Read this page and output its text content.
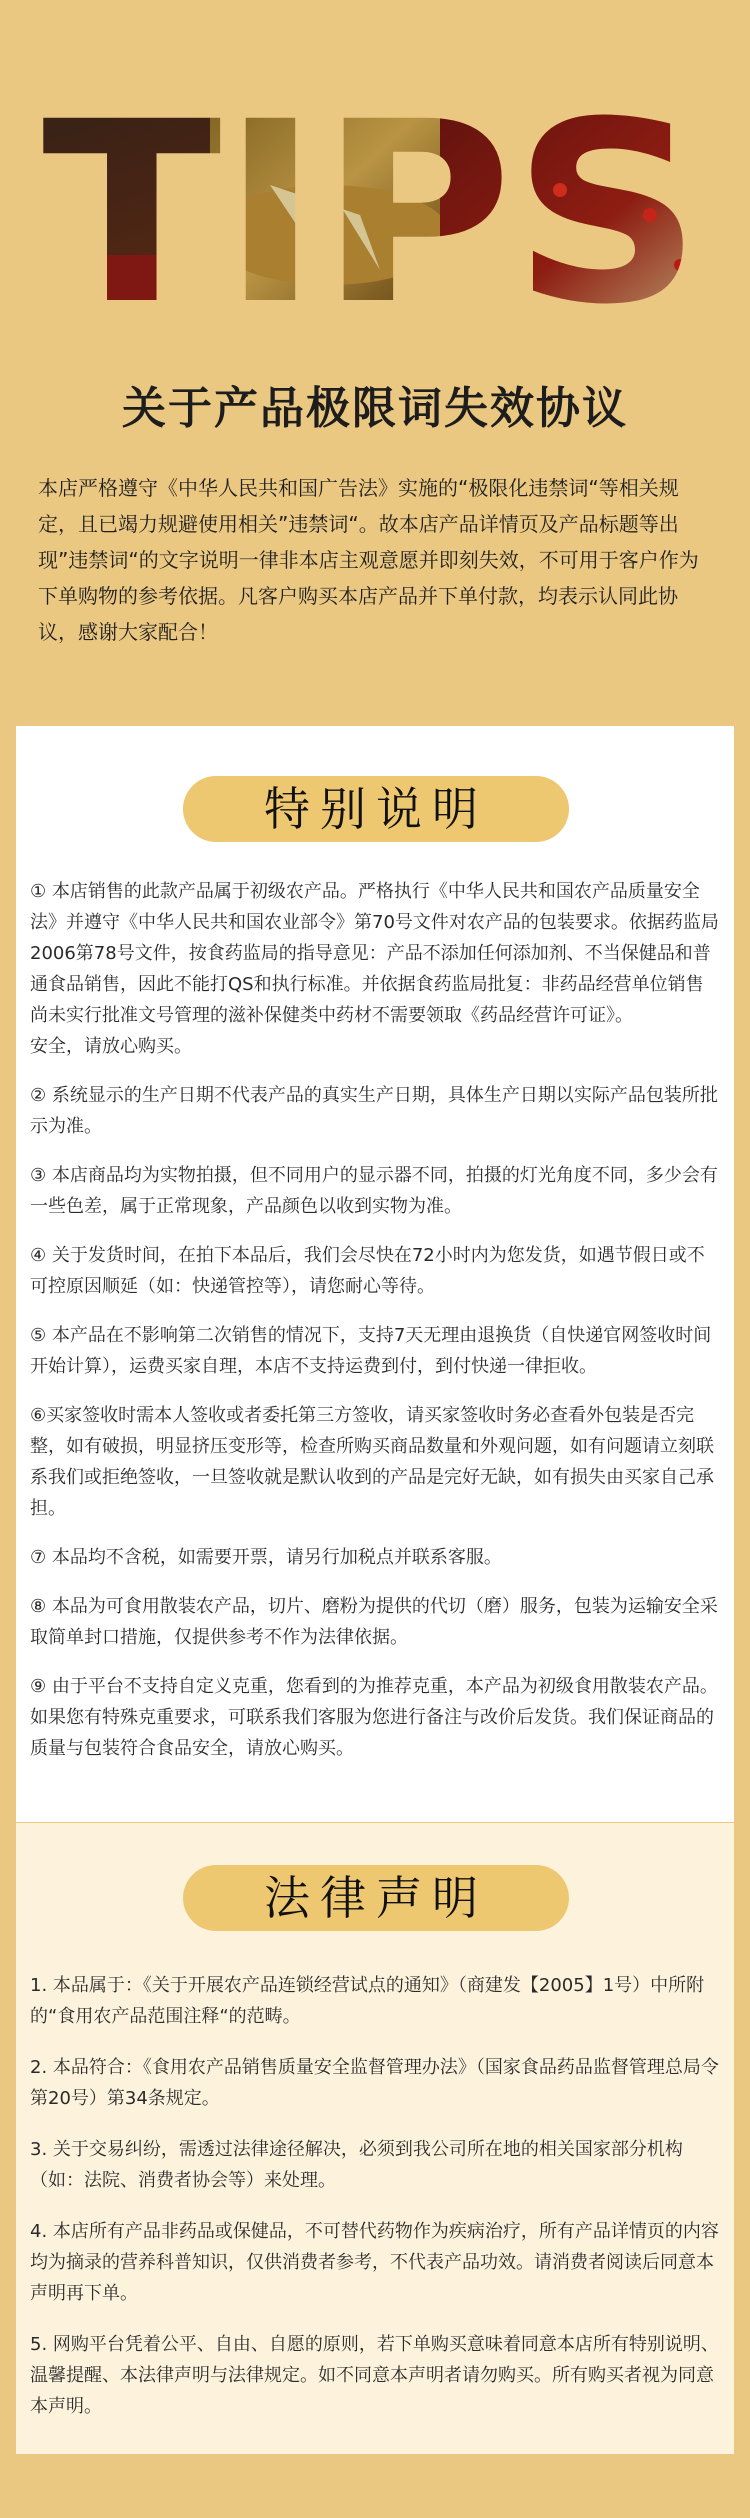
关于产品极限词失效协议
本店严格遵守《中华人民共和国广告法》实施的“极限化违禁词“等相关规定，且已竭力规避使用相关”违禁词“。故本店产品详情页及产品标题等出现”违禁词“的文字说明一律非本店主观意愿并即刻失效，不可用于客户作为下单购物的参考依据。凡客户购买本店产品并下单付款，均表示认同此协议，感谢大家配合！
特别说明

① 本店销售的此款产品属于初级农产品。严格执行《中华人民共和国农产品质量安全法》并遵守《中华人民共和国农业部令》第70号文件对农产品的包装要求。依据药监局2006第78号文件，按食药监局的指导意见：产品不添加任何添加剂、不当保健品和普通食品销售，因此不能打QS和执行标准。并依据食药监局批复：非药品经营单位销售尚未实行批准文号管理的滋补保健类中药材不需要领取《药品经营许可证》。

安全，请放心购买。

② 系统显示的生产日期不代表产品的真实生产日期，具体生产日期以实际产品包装所批示为准。
③ 本店商品均为实物拍摄，但不同用户的显示器不同，拍摄的灯光角度不同，多少会有一些色差，属于正常现象，产品颜色以收到实物为准。
④ 关于发货时间，在拍下本品后，我们会尽快在72小时内为您发货，如遇节假日或不可控原因顺延（如：快递管控等），请您耐心等待。
⑤ 本产品在不影响第二次销售的情况下，支持7天无理由退换货（自快递官网签收时间开始计算），运费买家自理，本店不支持运费到付，到付快递一律拒收。
⑥买家签收时需本人签收或者委托第三方签收，请买家签收时务必查看外包装是否完整，如有破损，明显挤压变形等，检查所购买商品数量和外观问题，如有问题请立刻联系我们或拒绝签收，一旦签收就是默认收到的产品是完好无缺，如有损失由买家自己承担。
⑦ 本品均不含税，如需要开票，请另行加税点并联系客服。
⑧ 本品为可食用散装农产品，切片、磨粉为提供的代切（磨）服务，包装为运输安全采取简单封口措施，仅提供参考不作为法律依据。
⑨ 由于平台不支持自定义克重，您看到的为推荐克重，本产品为初级食用散装农产品。如果您有特殊克重要求，可联系我们客服为您进行备注与改价后发货。我们保证商品的质量与包装符合食品安全，请放心购买。
法律声明
1. 本品属于：《关于开展农产品连锁经营试点的通知》（商建发【2005】1号）中所附的“食用农产品范围注释“的范畴。
2. 本品符合：《食用农产品销售质量安全监督管理办法》（国家食品药品监督管理总局令第20号）第34条规定。
3. 关于交易纠纷，需透过法律途径解决，必须到我公司所在地的相关国家部分机构（如：法院、消费者协会等）来处理。
4. 本店所有产品非药品或保健品，不可替代药物作为疾病治疗，所有产品详情页的内容均为摘录的营养科普知识，仅供消费者参考，不代表产品功效。请消费者阅读后同意本声明再下单。
5. 网购平台凭着公平、自由、自愿的原则，若下单购买意味着同意本店所有特别说明、温馨提醒、本法律声明与法律规定。如不同意本声明者请勿购买。所有购买者视为同意本声明。
